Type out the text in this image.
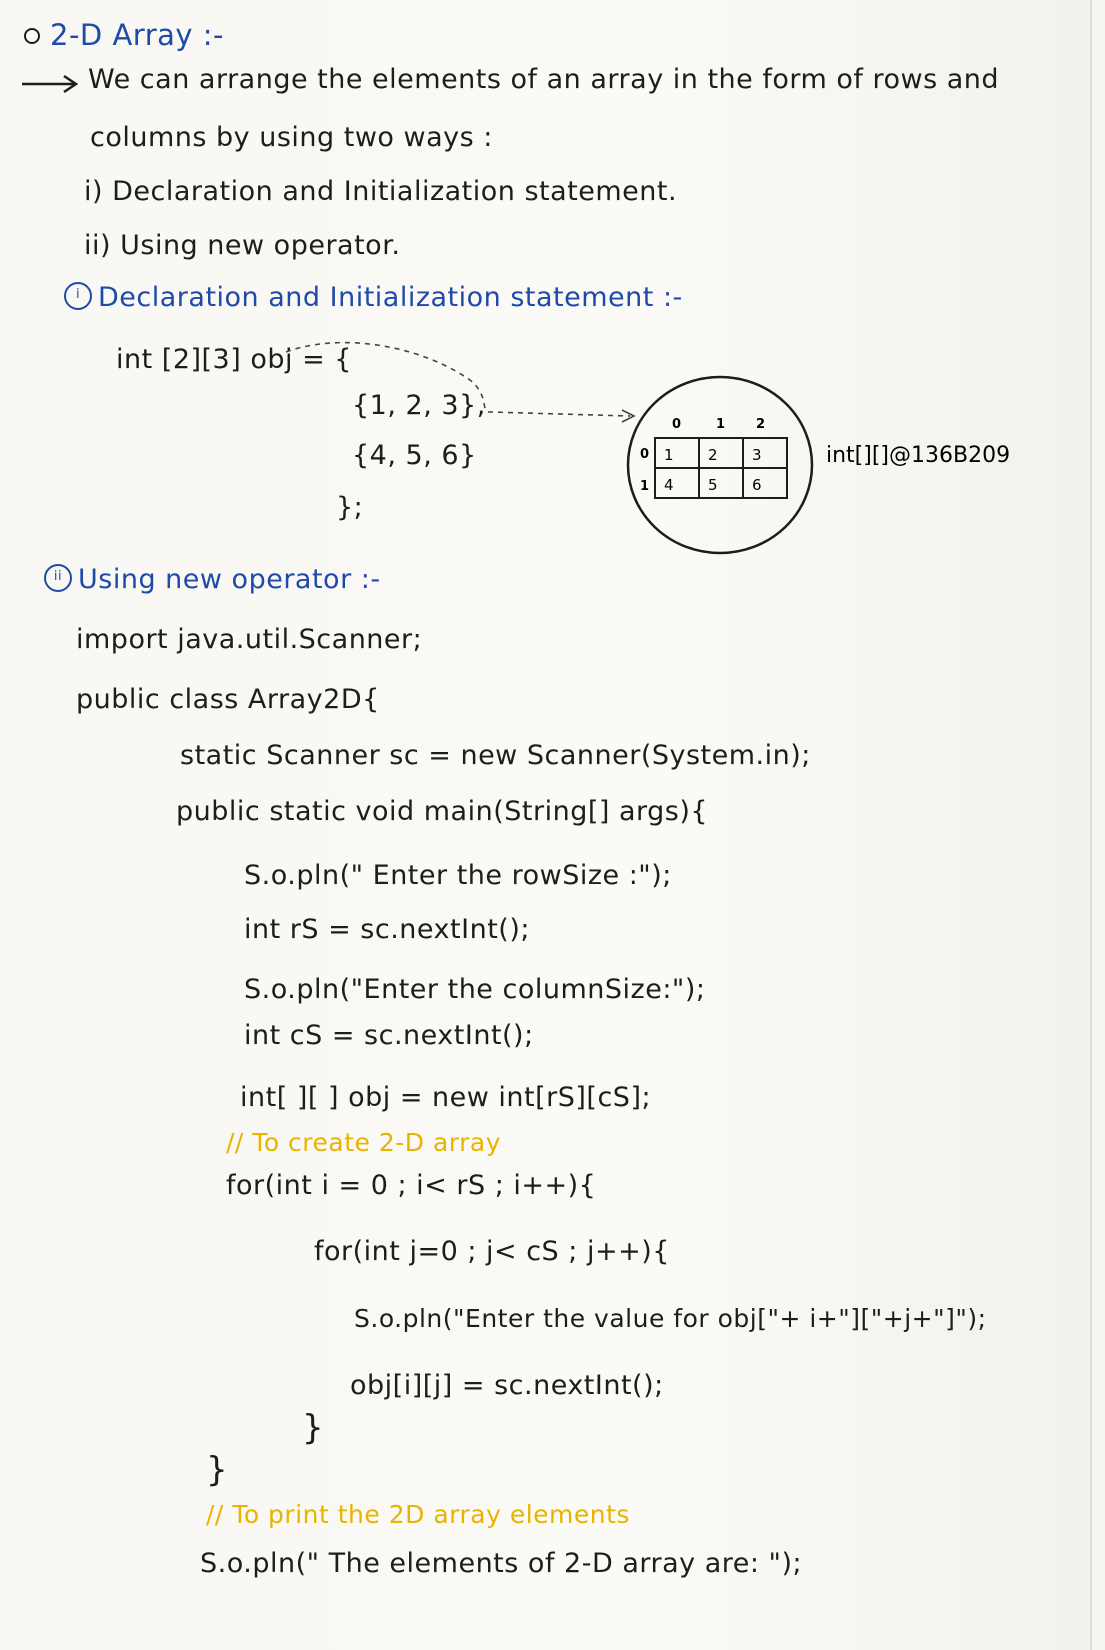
2-D Array :-
We can arrange the elements of an array in the form of rows and
columns by using two ways :
i) Declaration and Initialization statement.
ii) Using new operator.
i Declaration and Initialization statement :-
int [2][3] obj = {
{1, 2, 3},
{4, 5, 6}
};
0	1 2
0
1
1 2 3
4 5 6
int[][]@136B209
ii Using new operator :-
import java.util.Scanner;
public class Array2D{
static Scanner sc = new Scanner(System.in);
public static void main(String[] args){
S.o.pln(" Enter the rowSize :");
int rS = sc.nextInt();
S.o.pln("Enter the columnSize:");
int cS = sc.nextInt();
int[ ][ ] obj = new int[rS][cS];
// To create 2-D array
for(int i = 0 ; i< rS ; i++){
for(int j=0 ; j< cS ; j++){
S.o.pln("Enter the value for obj["+ i+"]["+j+"]");
obj[i][j] = sc.nextInt();
}
}
// To print the 2D array elements
S.o.pln(" The elements of 2-D array are: ");
